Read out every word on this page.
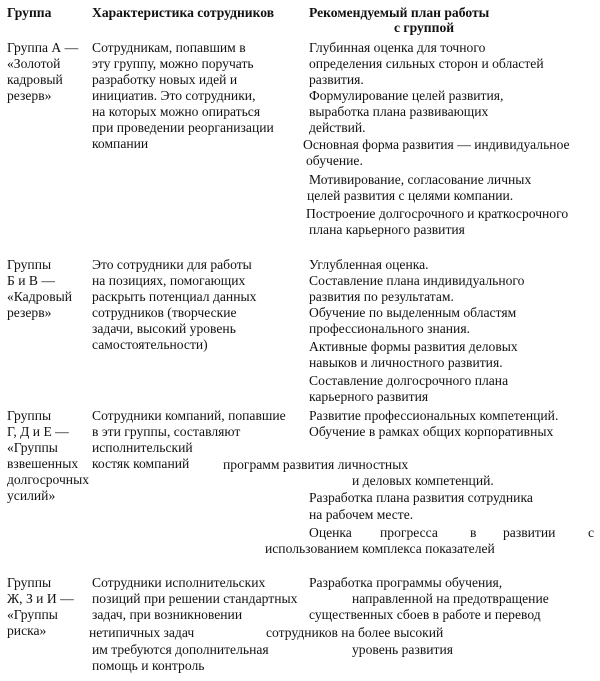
Группа	Характеристика сотрудников	Рекомендуемый план работы
с группой
Группа А —
«Золотой
кадровый
резерв»
Сотрудникам, попавшим в
эту группу, можно поручать
разработку новых идей и
инициатив. Это сотрудники,
на которых можно опираться
при проведении реорганизации
компании
Глубинная оценка для точного
определения сильных сторон и областей
развития.
Формулирование целей развития,
выработка плана развивающих
действий.
Основная форма развития — индивидуальное
обучение.
Мотивирование, согласование личных
целей развития с целями компании.
Построение долгосрочного и краткосрочного
плана карьерного развития
Группы
Б и В —
«Кадровый
резерв»
Это сотрудники для работы
на позициях, помогающих
раскрыть потенциал данных
сотрудников (творческие
задачи, высокий уровень
самостоятельности)
Углубленная оценка.
Составление плана индивидуального
развития по результатам.
Обучение по выделенным областям
профессионального знания.
Активные формы развития деловых
навыков и личностного развития.
Составление долгосрочного плана
карьерного развития
Группы
Г, Д и Е —
«Группы
взвешенных
долгосрочных
усилий»
Сотрудники компаний, попавшие
в эти группы, составляют
исполнительский
костяк компаний
Развитие профессиональных компетенций.
Обучение в рамках общих корпоративных
программ развития личностных
и деловых компетенций.
Разработка плана развития сотрудника
на рабочем месте.
Оценка прогресса в развитии с
использованием комплекса показателей
Группы
Ж, З и И —
«Группы
риска»
Сотрудники исполнительских
позиций при решении стандартных
задач, при возникновении
нетипичных задач
им требуются дополнительная
помощь и контроль
Разработка программы обучения,
направленной на предотвращение
существенных сбоев в работе и перевод
сотрудников на более высокий
уровень развития
